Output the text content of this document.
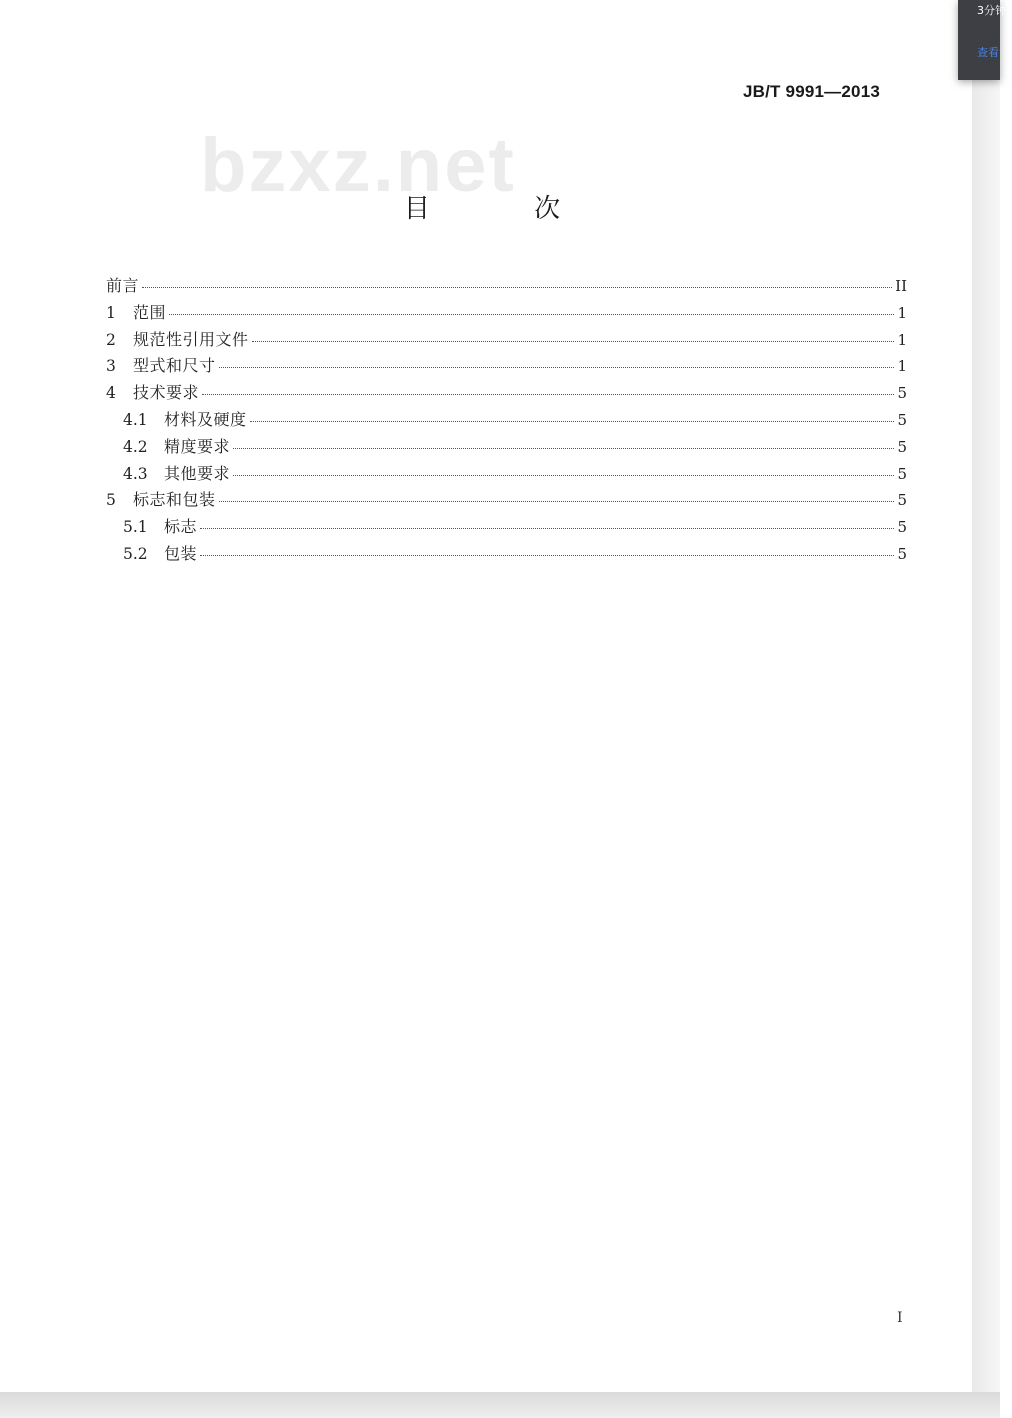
bzxz.net
JB/T 9991—2013
目 次
前言	II
1	范围	1
2	规范性引用文件	1
3	型式和尺寸	1
4	技术要求	5
4.1	材料及硬度	5
4.2	精度要求	5
4.3	其他要求	5
5	标志和包装	5
5.1	标志	5
5.2	包装	5
I
3分钟
查看
